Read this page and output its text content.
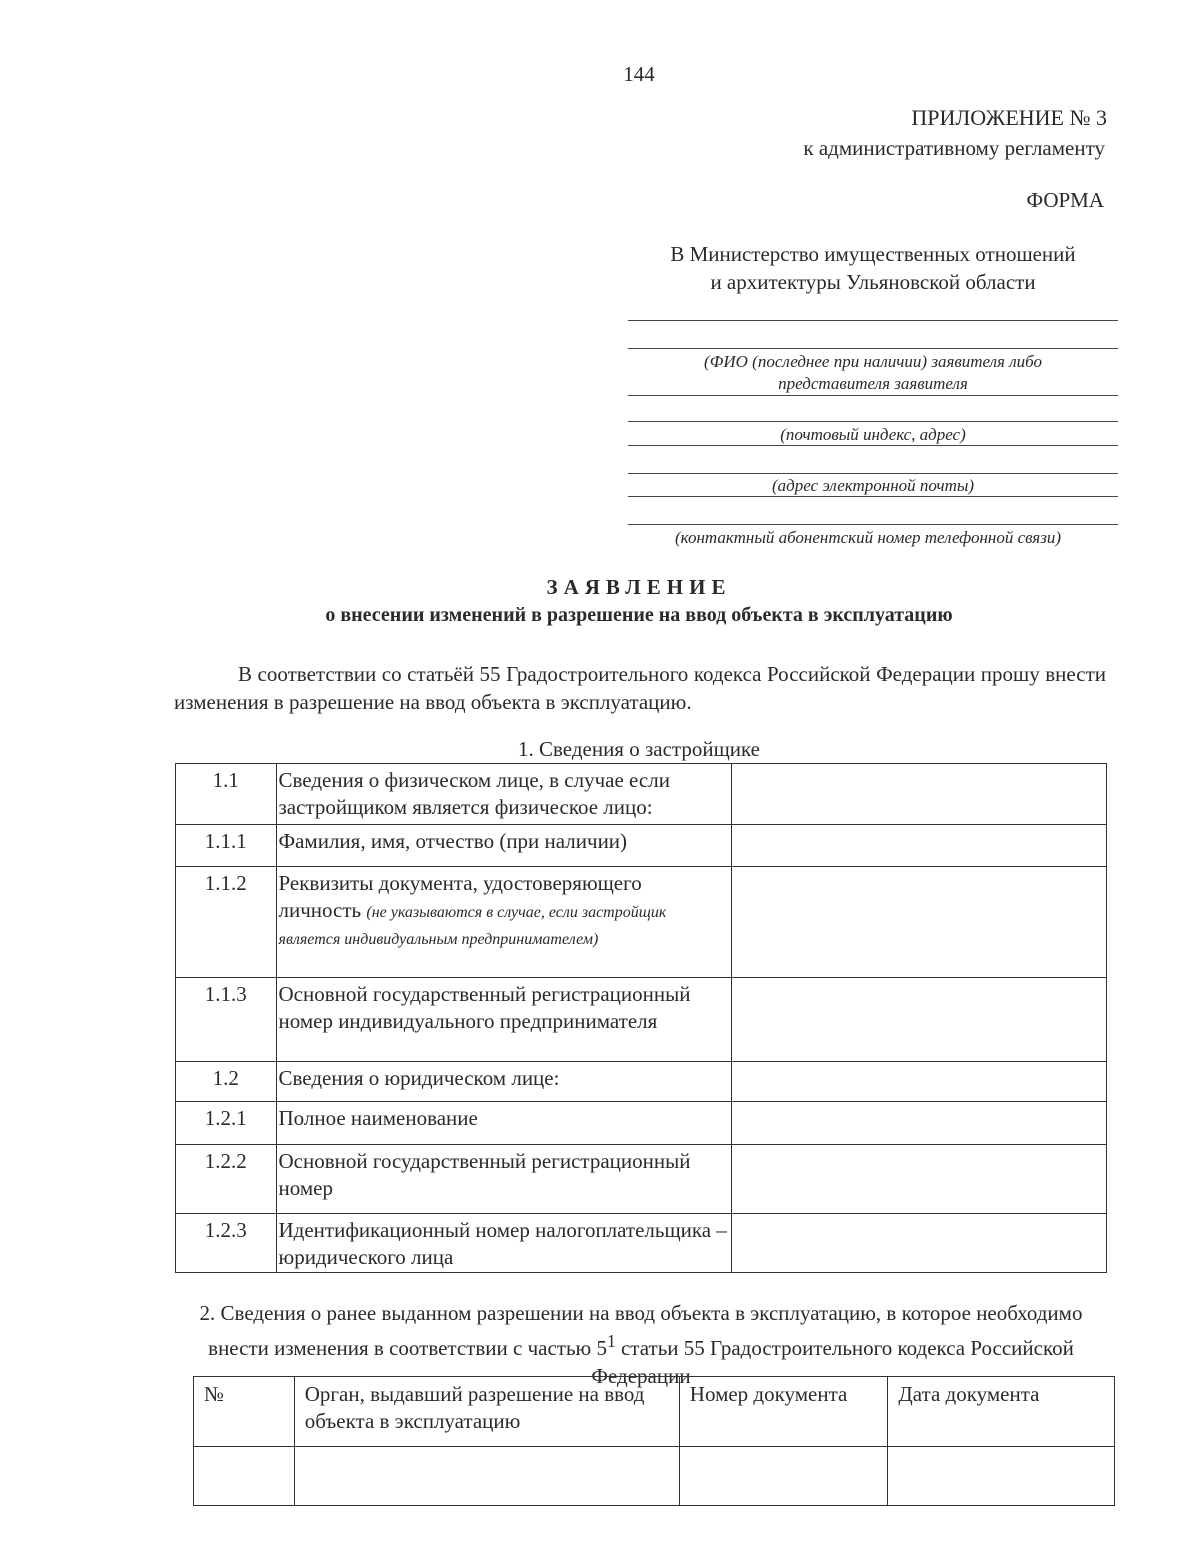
144
ПРИЛОЖЕНИЕ № 3
к административному регламенту
ФОРМА
В Министерство имущественных отношений
и архитектуры Ульяновской области
(ФИО (последнее при наличии) заявителя либо
представителя заявителя
(почтовый индекс, адрес)
(адрес электронной почты)
(контактный абонентский номер телефонной связи)
ЗАЯВЛЕНИЕ
о внесении изменений в разрешение на ввод объекта в эксплуатацию
В соответствии со статьёй 55 Градостроительного кодекса Российской Федерации прошу внести изменения в разрешение на ввод объекта в эксплуатацию.
1. Сведения о застройщике
1.1	Сведения о физическом лице, в случае если застройщиком является физическое лицо:	
1.1.1	Фамилия, имя, отчество (при наличии)	
1.1.2	Реквизиты документа, удостоверяющего личность (не указываются в случае, если застройщик является индивидуальным предпринимателем)	
1.1.3	Основной государственный регистрационный номер индивидуального предпринимателя	
1.2	Сведения о юридическом лице:	
1.2.1	Полное наименование	
1.2.2	Основной государственный регистрационный номер	
1.2.3	Идентификационный номер налогоплательщика – юридического лица	
2. Сведения о ранее выданном разрешении на ввод объекта в эксплуатацию, в которое необходимо внести изменения в соответствии с частью $5^1$ статьи 55 Градостроительного кодекса Российской Федерации
№	Орган, выдавший разрешение на ввод объекта в эксплуатацию	Номер документа	Дата документа
